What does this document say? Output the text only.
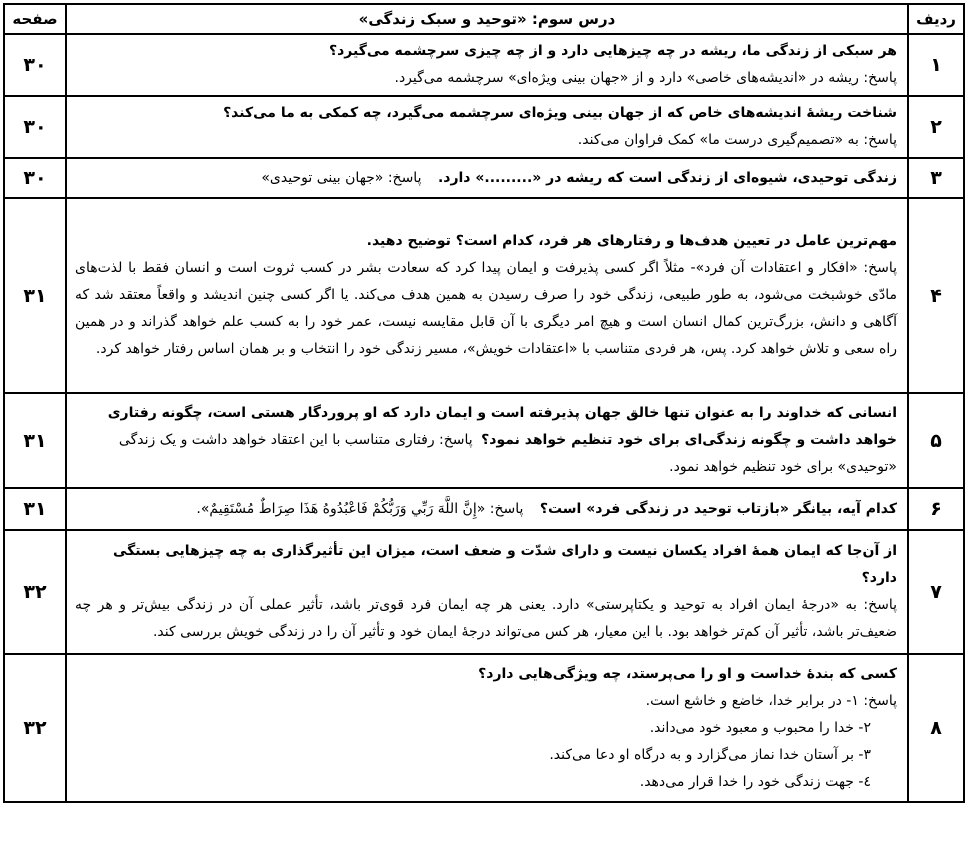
ردیف	درس سوم: «توحید و سبک زندگی»	صفحه
۱	هر سبکی از زندگی ما، ریشه در چه چیزهایی دارد و از چه چیزی سرچشمه می‌گیرد؟
پاسخ: ریشه در «اندیشه‌های خاصی» دارد و از «جهان بینی ویژه‌ای» سرچشمه می‌گیرد.	۳۰
۲	شناخت ریشهٔ اندیشه‌های خاص که از جهان بینی ویژه‌ای سرچشمه می‌گیرد، چه کمکی به ما می‌کند؟
پاسخ: به «تصمیم‌گیری درست ما» کمک فراوان می‌کند.	۳۰
۳	زندگی توحیدی، شیوه‌ای از زندگی است که ریشه در «.........» دارد. پاسخ: «جهان بینی توحیدی»	۳۰
۴	مهم‌ترین عامل در تعیین هدف‌ها و رفتارهای هر فرد، کدام است؟ توضیح دهید.
پاسخ: «افکار و اعتقادات آن فرد»- مثلاً اگر کسی پذیرفت و ایمان پیدا کرد که سعادت بشر در کسب ثروت است و انسان فقط با لذت‌های مادّی خوشبخت می‌شود، به طور طبیعی، زندگی خود را صرف رسیدن به همین هدف می‌کند. یا اگر کسی چنین اندیشد و واقعاً معتقد شد که آگاهی و دانش، بزرگ‌ترین کمال انسان است و هیچ امر دیگری با آن قابل مقایسه نیست، عمر خود را به کسب علم خواهد گذراند و در همین راه سعی و تلاش خواهد کرد. پس، هر فردی متناسب با «اعتقادات خویش»، مسیر زندگی خود را انتخاب و بر همان اساس رفتار خواهد کرد.	۳۱
۵	انسانی که خداوند را به عنوان تنها خالق جهان پذیرفته است و ایمان دارد که او پروردگار هستی است، چگونه رفتاری خواهد داشت و چگونه زندگی‌ای برای خود تنظیم خواهد نمود؟ پاسخ: رفتاری متناسب با این اعتقاد خواهد داشت و یک زندگی «توحیدی» برای خود تنظیم خواهد نمود.	۳۱
۶	کدام آیه، بیانگر «بازتاب توحید در زندگی فرد» است؟ پاسخ: «إِنَّ اللَّهَ رَبِّي وَرَبُّكُمْ فَاعْبُدُوهُ هَذَا صِرَاطٌ مُسْتَقِيمٌ».	۳۱
۷	از آن‌جا که ایمان همهٔ افراد یکسان نیست و دارای شدّت و ضعف است، میزان این تأثیرگذاری به چه چیزهایی بستگی دارد؟
پاسخ: به «درجهٔ ایمان افراد به توحید و یکتاپرستی» دارد. یعنی هر چه ایمان فرد قوی‌تر باشد، تأثیر عملی آن در زندگی بیش‌تر و هر چه ضعیف‌تر باشد، تأثیر آن کم‌تر خواهد بود. با این معیار، هر کس می‌تواند درجهٔ ایمان خود و تأثیر آن را در زندگی خویش بررسی کند.	۳۲
۸	کسی که بندهٔ خداست و او را می‌پرستد، چه ویژگی‌هایی دارد؟
پاسخ: ۱- در برابر خدا، خاضع و خاشع است.
۲- خدا را محبوب و معبود خود می‌داند.
۳- بر آستان خدا نماز می‌گزارد و به درگاه او دعا می‌کند.
٤- جهت زندگی خود را خدا قرار می‌دهد.	۳۲
